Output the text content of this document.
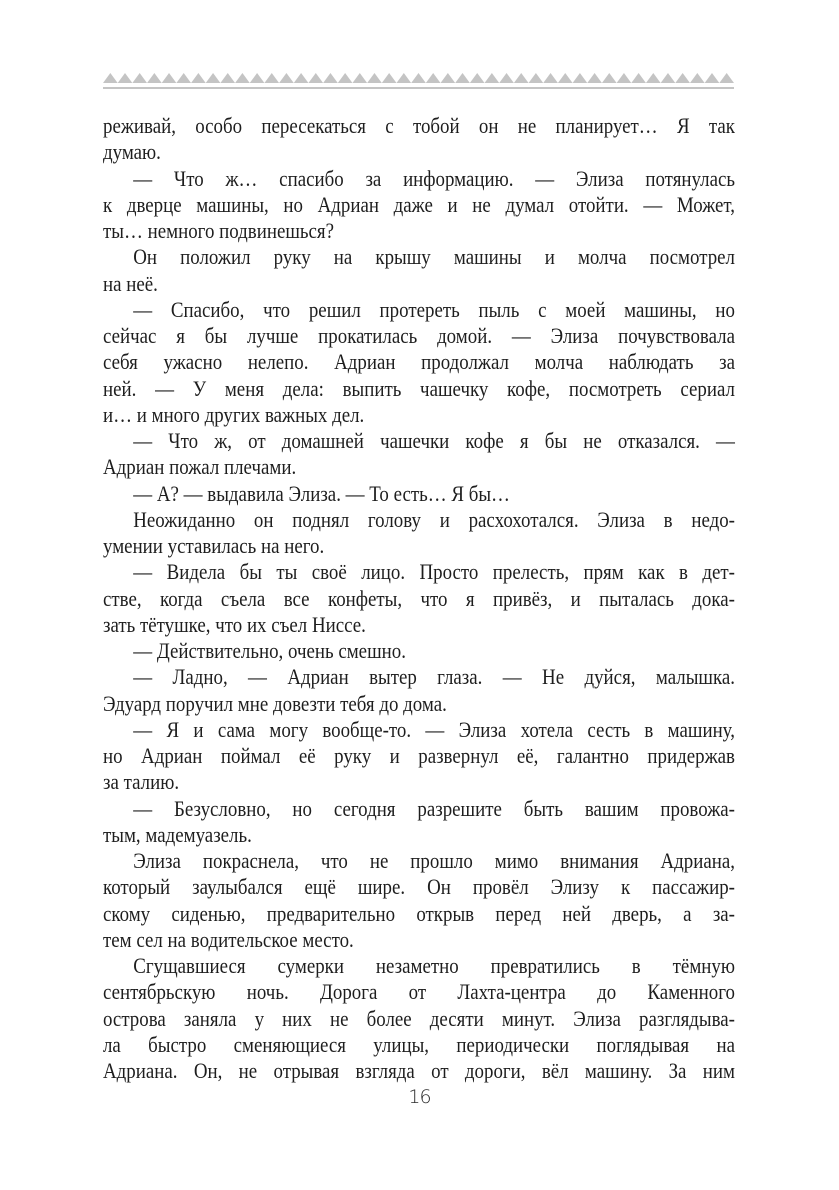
реживай, особо пересекаться с тобой он не планирует… Я так
думаю.
— Что ж… спасибо за информацию. — Элиза потянулась
к дверце машины, но Адриан даже и не думал отойти. — Может,
ты… немного подвинешься?
Он положил руку на крышу машины и молча посмотрел
на неё.
— Спасибо, что решил протереть пыль с моей машины, но
сейчас я бы лучше прокатилась домой. — Элиза почувствовала
себя ужасно нелепо. Адриан продолжал молча наблюдать за
ней. — У меня дела: выпить чашечку кофе, посмотреть сериал
и… и много других важных дел.
— Что ж, от домашней чашечки кофе я бы не отказался. —
Адриан пожал плечами.
— А? — выдавила Элиза. — То есть… Я бы…
Неожиданно он поднял голову и расхохотался. Элиза в недо-
умении уставилась на него.
— Видела бы ты своё лицо. Просто прелесть, прям как в дет-
стве, когда съела все конфеты, что я привёз, и пыталась дока-
зать тётушке, что их съел Ниссе.
— Действительно, очень смешно.
— Ладно, — Адриан вытер глаза. — Не дуйся, малышка.
Эдуард поручил мне довезти тебя до дома.
— Я и сама могу вообще-то. — Элиза хотела сесть в машину,
но Адриан поймал её руку и развернул её, галантно придержав
за талию.
— Безусловно, но сегодня разрешите быть вашим провожа-
тым, мадемуазель.
Элиза покраснела, что не прошло мимо внимания Адриана,
который заулыбался ещё шире. Он провёл Элизу к пассажир-
скому сиденью, предварительно открыв перед ней дверь, а за-
тем сел на водительское место.
Сгущавшиеся сумерки незаметно превратились в тёмную
сентябрьскую ночь. Дорога от Лахта-центра до Каменного
острова заняла у них не более десяти минут. Элиза разглядыва-
ла быстро сменяющиеся улицы, периодически поглядывая на
Адриана. Он, не отрывая взгляда от дороги, вёл машину. За ним
16
